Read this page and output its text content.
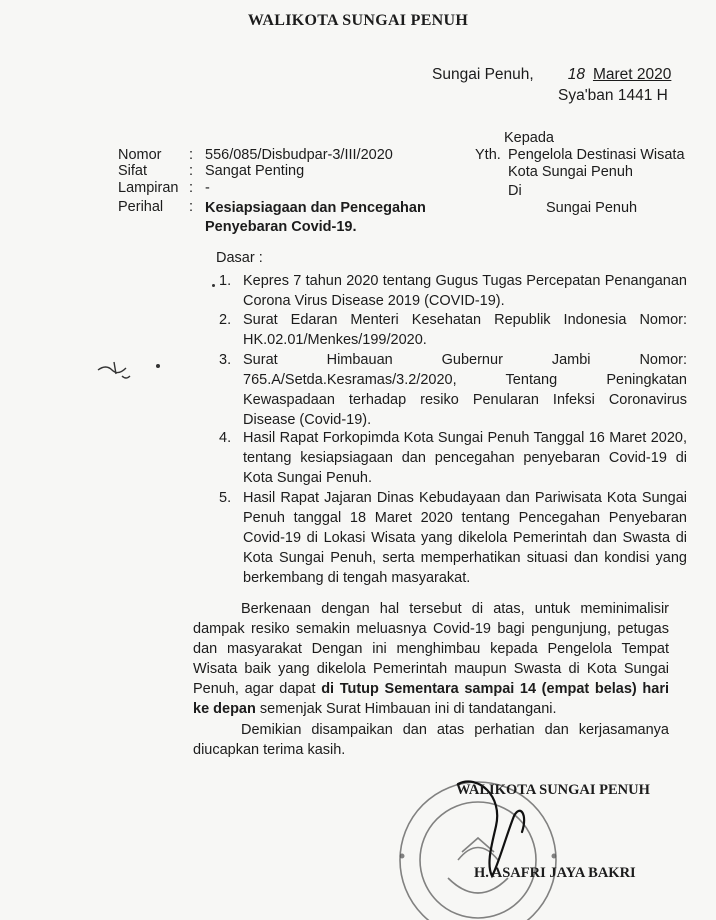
WALIKOTA SUNGAI PENUH
Sungai Penuh, 18 Maret 2020
Sya'ban 1441 H
Nomor : 556/085/Disbudpar-3/III/2020
Sifat	: Sangat Penting
Lampiran : -
Perihal : Kesiapsiagaan dan Pencegahan Penyebaran Covid-19.
Kepada
Yth. Pengelola Destinasi Wisata
Kota Sungai Penuh
Di
Sungai Penuh
Dasar :
1. Kepres 7 tahun 2020 tentang Gugus Tugas Percepatan Penanganan Corona Virus Disease 2019 (COVID-19).
2. Surat Edaran Menteri Kesehatan Republik Indonesia Nomor: HK.02.01/Menkes/199/2020.
3. Surat Himbauan Gubernur Jambi Nomor: 765.A/Setda.Kesramas/3.2/2020, Tentang Peningkatan Kewaspadaan terhadap resiko Penularan Infeksi Coronavirus Disease (Covid-19).
4. Hasil Rapat Forkopimda Kota Sungai Penuh Tanggal 16 Maret 2020, tentang kesiapsiagaan dan pencegahan penyebaran Covid-19 di Kota Sungai Penuh.
5. Hasil Rapat Jajaran Dinas Kebudayaan dan Pariwisata Kota Sungai Penuh tanggal 18 Maret 2020 tentang Pencegahan Penyebaran Covid-19 di Lokasi Wisata yang dikelola Pemerintah dan Swasta di Kota Sungai Penuh, serta memperhatikan situasi dan kondisi yang berkembang di tengah masyarakat.
Berkenaan dengan hal tersebut di atas, untuk meminimalisir dampak resiko semakin meluasnya Covid-19 bagi pengunjung, petugas dan masyarakat Dengan ini menghimbau kepada Pengelola Tempat Wisata baik yang dikelola Pemerintah maupun Swasta di Kota Sungai Penuh, agar dapat di Tutup Sementara sampai 14 (empat belas) hari ke depan semenjak Surat Himbauan ini di tandatangani.
Demikian disampaikan dan atas perhatian dan kerjasamanya diucapkan terima kasih.
WALIKOTA SUNGAI PENUH
H. ASAFRI JAYA BAKRI
